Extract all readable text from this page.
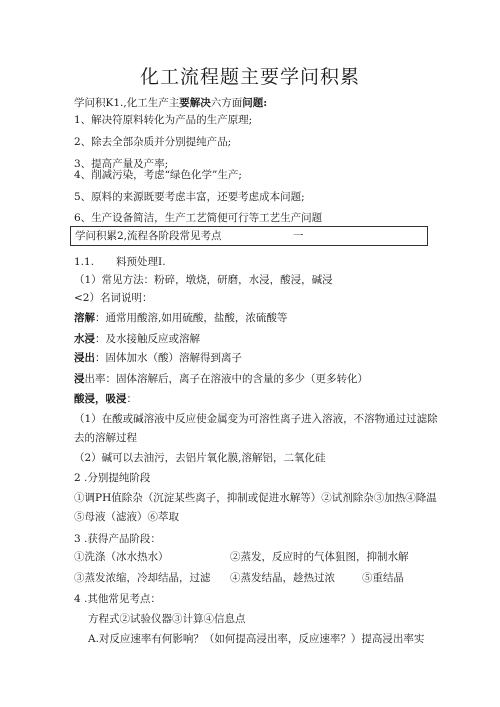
化工流程题主要学问积累
学问积K1.,化工生产主要解决六方面问题:
1、解决符原料转化为产品的生产原理;
2、除去全部杂质并分别提纯产品;
3、提高产量及产率;
4、削减污染，考虑“绿色化学”生产;
5、原料的来源既要考虑丰富，还要考虑成本问题;
6、生产设备简洁，生产工艺简便可行等工艺生产问题
学问积累2,流程各阶段常见考点	一
1.1. 料预处理I.
（1）常见方法：粉碎，墩烧，研磨，水浸，酸浸，碱浸
<2）名词说明：
溶解：通常用酸溶,如用硫酸，盐酸，浓硫酸等
水浸：及水接触反应或溶解
浸出：固体加水（酸）溶解得到离子
浸出率：固体溶解后，离子在溶液中的含量的多少（更多转化）
酸浸，吸浸：
（1）在酸或碱溶液中反应使金属变为可溶性离子进入溶液，不溶物通过过滤除
去的溶解过程
（2）碱可以去油污，去铝片氧化膜,溶解铝，二氧化硅
2 .分别提纯阶段
①调PH值除杂（沉淀某些离子，抑制或促进水解等）②试剂除杂③加热④降温
⑤母液（滤液）⑥萃取
3 .获得产品阶段：
①洗涤（冰水热水）	②蒸发，反应时的气体狙图，抑制水解
③蒸发浓缩，冷却结晶，过滤 ④蒸发结晶，趁热过浓	⑤重结晶
4 .其他常见考点：
方程式②试验仪器③计算④信息点
A.对反应速率有何影响？（如何提高浸出率，反应速率？）提高浸出率实
